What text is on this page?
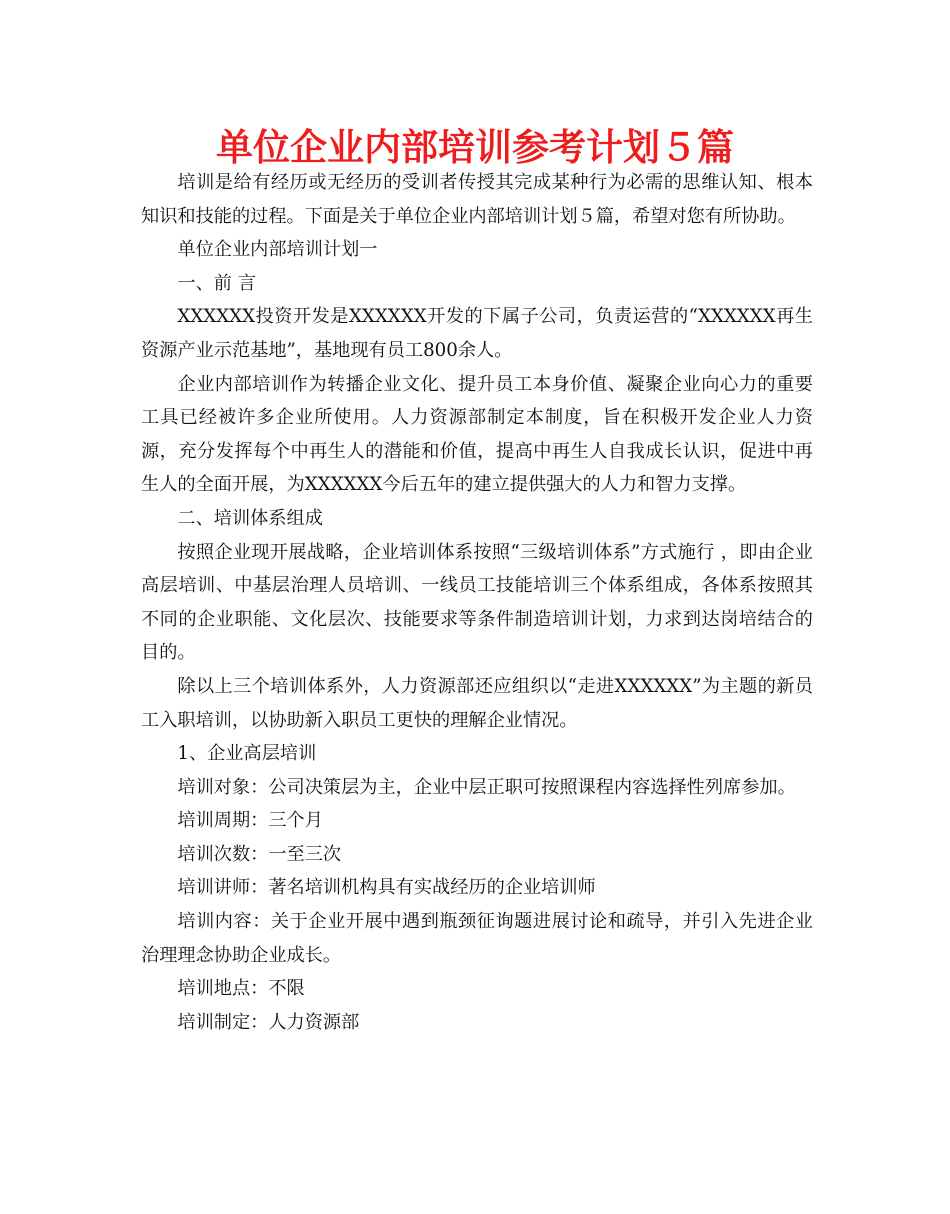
单位企业内部培训参考计划５篇

培训是给有经历或无经历的受训者传授其完成某种行为必需的思维认知、根本知识和技能的过程。下面是关于单位企业内部培训计划５篇，希望对您有所协助。

单位企业内部培训计划一

一、前 言

XXXXXX投资开发是XXXXXX开发的下属子公司，负责运营的“XXXXXX再生资源产业示范基地”，基地现有员工800余人。

企业内部培训作为转播企业文化、提升员工本身价值、凝聚企业向心力的重要工具已经被许多企业所使用。人力资源部制定本制度，旨在积极开发企业人力资源，充分发挥每个中再生人的潜能和价值，提高中再生人自我成长认识，促进中再生人的全面开展，为XXXXXX今后五年的建立提供强大的人力和智力支撑。

二、培训体系组成

按照企业现开展战略，企业培训体系按照“三级培训体系”方式施行 ，即由企业高层培训、中基层治理人员培训、一线员工技能培训三个体系组成，各体系按照其不同的企业职能、文化层次、技能要求等条件制造培训计划，力求到达岗培结合的目的。

除以上三个培训体系外，人力资源部还应组织以“走进XXXXXX”为主题的新员工入职培训，以协助新入职员工更快的理解企业情况。

1、企业高层培训

培训对象：公司决策层为主，企业中层正职可按照课程内容选择性列席参加。

培训周期：三个月

培训次数：一至三次

培训讲师：著名培训机构具有实战经历的企业培训师

培训内容：关于企业开展中遇到瓶颈征询题进展讨论和疏导，并引入先进企业治理理念协助企业成长。

培训地点：不限

培训制定：人力资源部
